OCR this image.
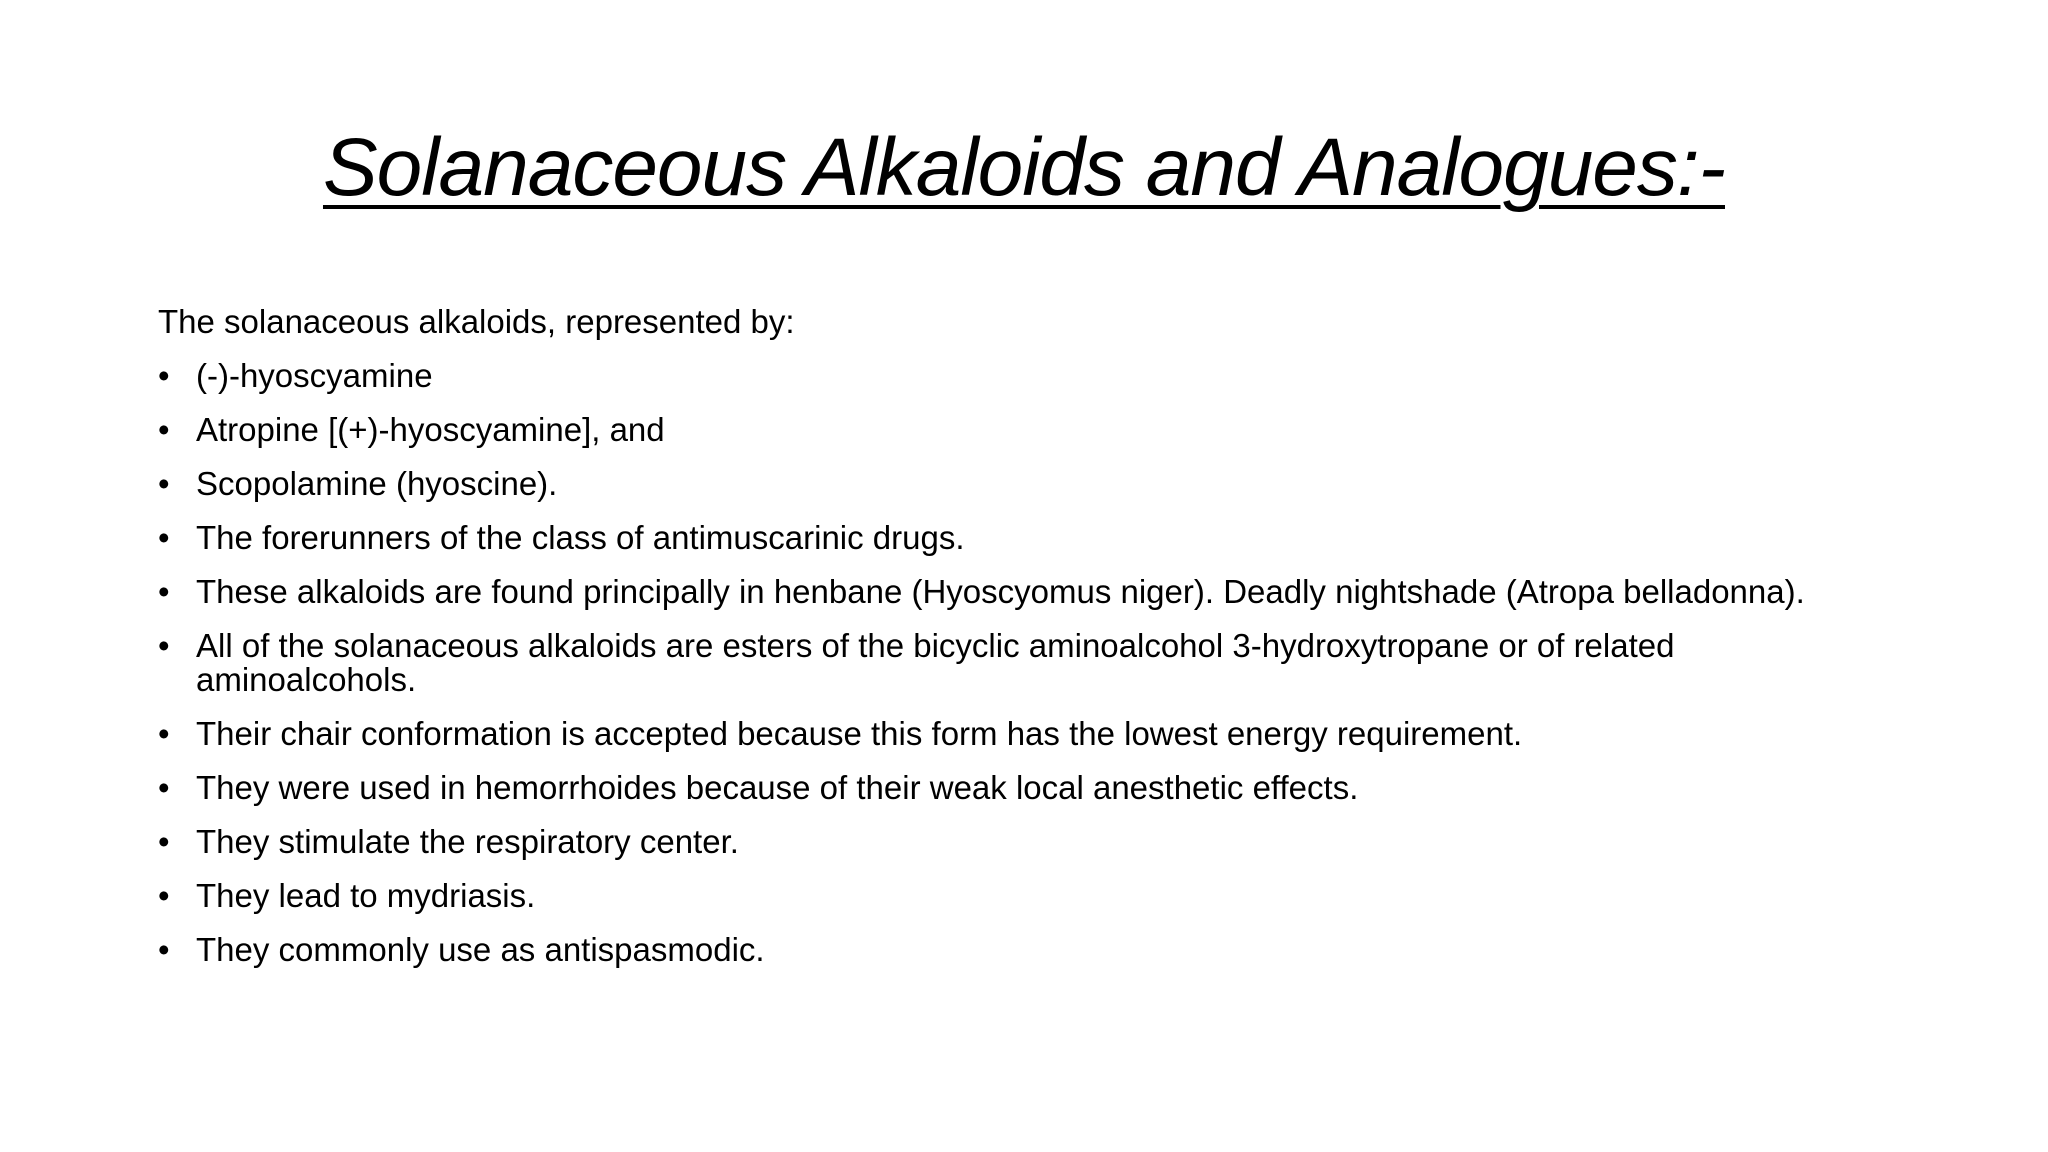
Solanaceous Alkaloids and Analogues:-

The solanaceous alkaloids, represented by:

• (-)-hyoscyamine
• Atropine [(+)-hyoscyamine], and
• Scopolamine (hyoscine).
• The forerunners of the class of antimuscarinic drugs.
• These alkaloids are found principally in henbane (Hyoscyomus niger). Deadly nightshade (Atropa belladonna).
• All of the solanaceous alkaloids are esters of the bicyclic aminoalcohol 3-hydroxytropane or of related aminoalcohols.
• Their chair conformation is accepted because this form has the lowest energy requirement.
• They were used in hemorrhoides because of their weak local anesthetic effects.
• They stimulate the respiratory center.
• They lead to mydriasis.
• They commonly use as antispasmodic.
